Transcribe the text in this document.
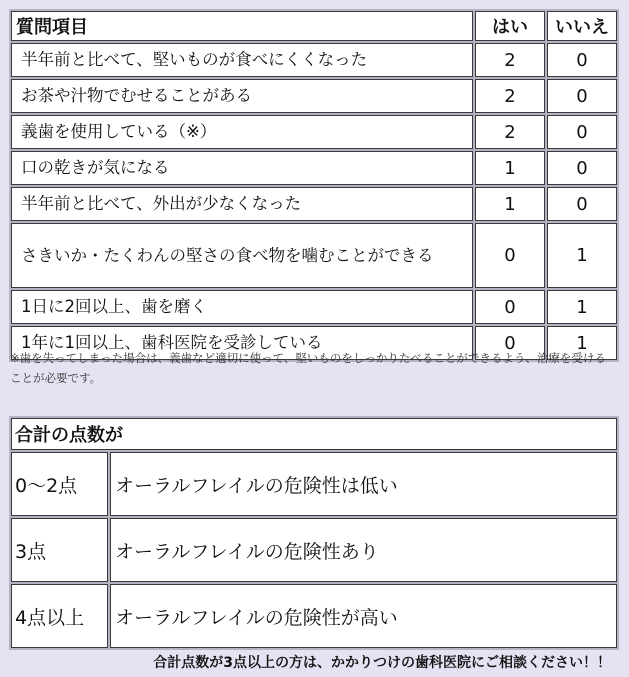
質問項目	はい	いいえ
半年前と比べて、堅いものが食べにくくなった	2	0
お茶や汁物でむせることがある	2	0
義歯を使用している（※）	2	0
口の乾きが気になる	1	0
半年前と比べて、外出が少なくなった	1	0
さきいか・たくわんの堅さの食べ物を噛むことができる	0	1
1日に2回以上、歯を磨く	0	1
1年に1回以上、歯科医院を受診している	0	1
※歯を失ってしまった場合は、義歯など適切に使って、堅いものをしっかりたべることができるよう、治療を受けることが必要です。
合計の点数が	
0〜2点	オーラルフレイルの危険性は低い
3点	オーラルフレイルの危険性あり
4点以上	オーラルフレイルの危険性が高い
合計点数が3点以上の方は、かかりつけの歯科医院にご相談ください！！
